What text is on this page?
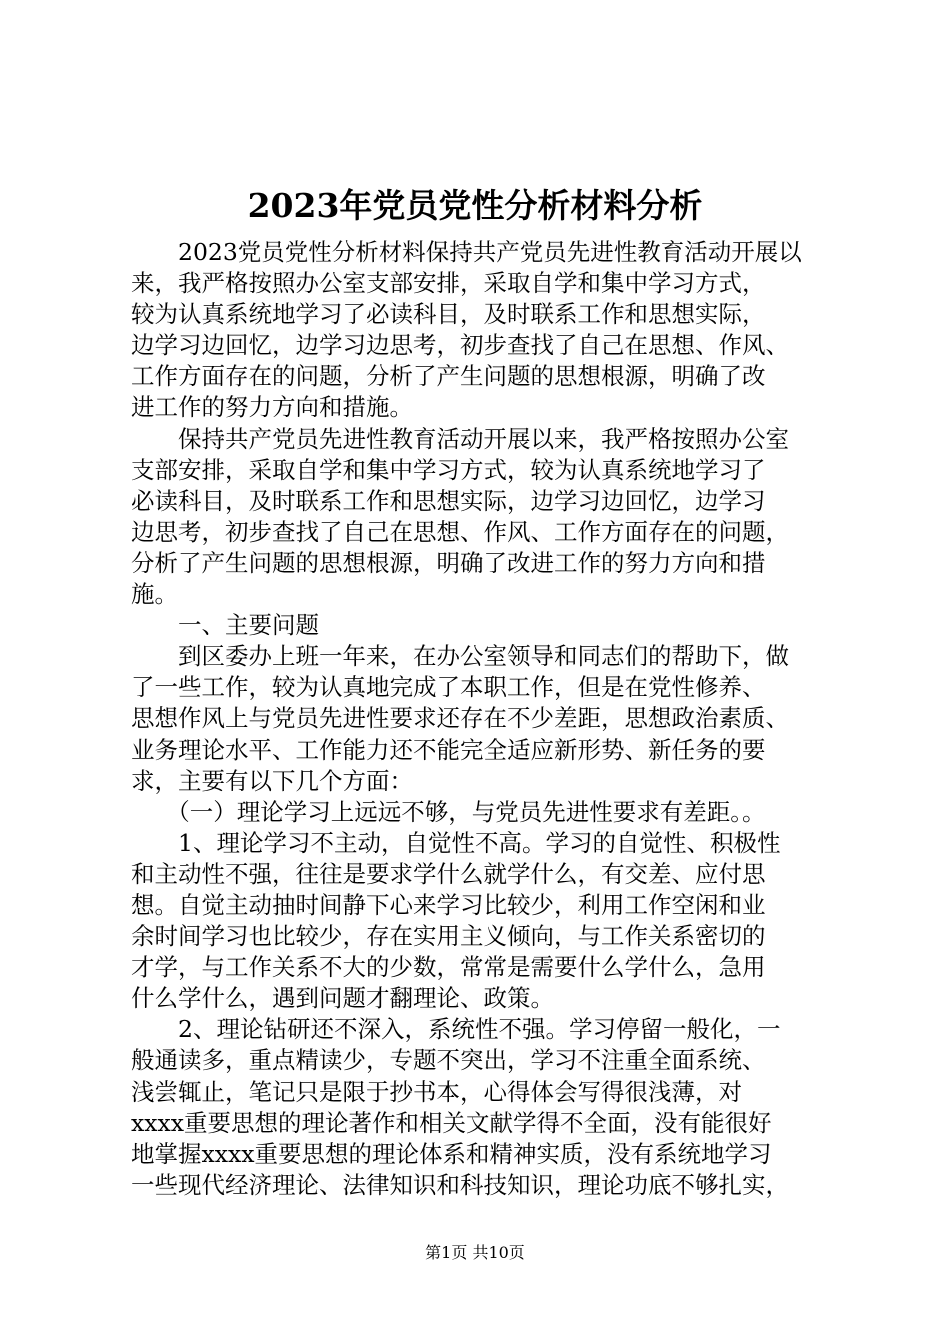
2023年党员党性分析材料分析
　　2023党员党性分析材料保持共产党员先进性教育活动开展以
来，我严格按照办公室支部安排，采取自学和集中学习方式，
较为认真系统地学习了必读科目，及时联系工作和思想实际，
边学习边回忆，边学习边思考，初步查找了自己在思想、作风、
工作方面存在的问题，分析了产生问题的思想根源，明确了改
进工作的努力方向和措施。
　　保持共产党员先进性教育活动开展以来，我严格按照办公室
支部安排，采取自学和集中学习方式，较为认真系统地学习了
必读科目，及时联系工作和思想实际，边学习边回忆，边学习
边思考，初步查找了自己在思想、作风、工作方面存在的问题，
分析了产生问题的思想根源，明确了改进工作的努力方向和措
施。
　　一、主要问题
　　到区委办上班一年来，在办公室领导和同志们的帮助下，做
了一些工作，较为认真地完成了本职工作，但是在党性修养、
思想作风上与党员先进性要求还存在不少差距，思想政治素质、
业务理论水平、工作能力还不能完全适应新形势、新任务的要
求，主要有以下几个方面：
　　（一）理论学习上远远不够，与党员先进性要求有差距。。
　　1、理论学习不主动，自觉性不高。学习的自觉性、积极性
和主动性不强，往往是要求学什么就学什么，有交差、应付思
想。自觉主动抽时间静下心来学习比较少，利用工作空闲和业
余时间学习也比较少，存在实用主义倾向，与工作关系密切的
才学，与工作关系不大的少数，常常是需要什么学什么，急用
什么学什么，遇到问题才翻理论、政策。
　　2、理论钻研还不深入，系统性不强。学习停留一般化，一
般通读多，重点精读少，专题不突出，学习不注重全面系统、
浅尝辄止，笔记只是限于抄书本，心得体会写得很浅薄，对
xxxx重要思想的理论著作和相关文献学得不全面，没有能很好
地掌握xxxx重要思想的理论体系和精神实质，没有系统地学习
一些现代经济理论、法律知识和科技知识，理论功底不够扎实，
第1页 共10页
